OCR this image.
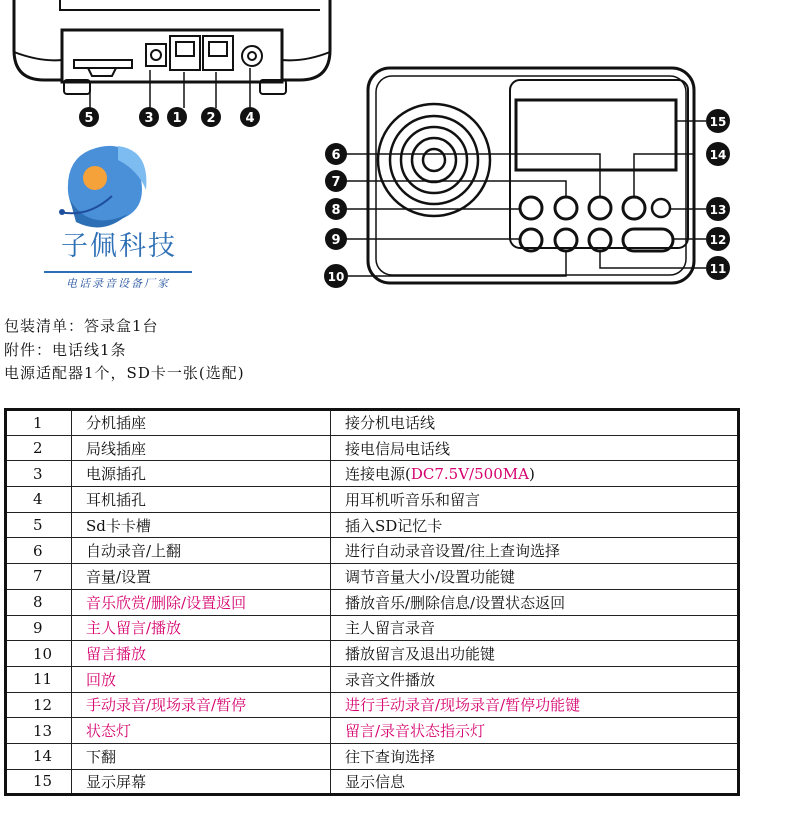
5	3 1 2 4
6
7
8
9
10
15
14
13
12
11
子佩科技
电话录音设备厂家
包装清单：答录盒1台
附件：电话线1条
电源适配器1个，SD卡一张(选配)
1	分机插座	接分机电话线
2	局线插座	接电信局电话线
3	电源插孔	连接电源(DC7.5V/500MA)
4	耳机插孔	用耳机听音乐和留言
5	Sd卡卡槽	插入SD记忆卡
6	自动录音/上翻	进行自动录音设置/往上查询选择
7	音量/设置	调节音量大小/设置功能键
8	音乐欣赏/删除/设置返回	播放音乐/删除信息/设置状态返回
9	主人留言/播放	主人留言录音
10	留言播放	播放留言及退出功能键
11	回放	录音文件播放
12	手动录音/现场录音/暂停	进行手动录音/现场录音/暂停功能键
13	状态灯	留言/录音状态指示灯
14	下翻	往下查询选择
15	显示屏幕	显示信息
